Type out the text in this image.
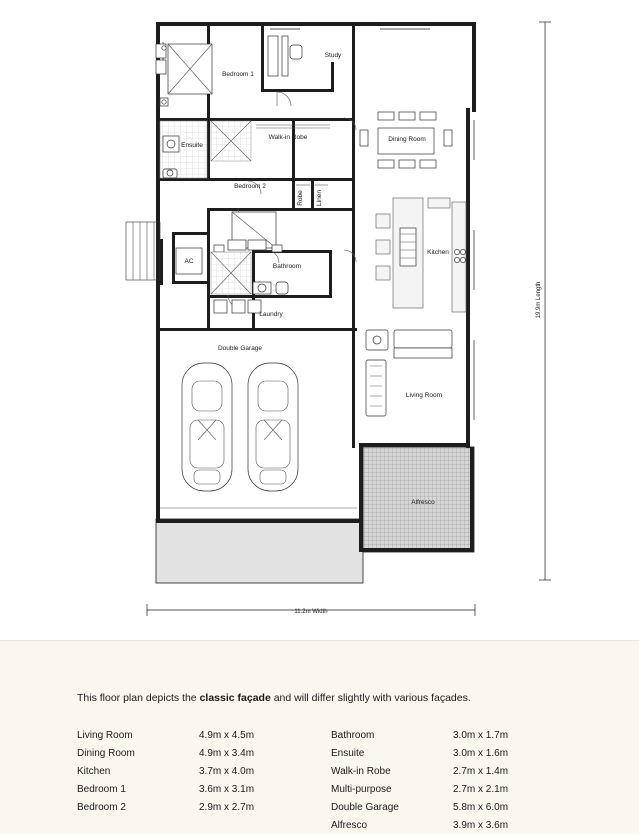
Bedroom 1
Study
Ensuite
Walk-in Robe	Dining Room
Bedroom 2
Robe Linen
Kitchen
AC
Bathroom
Laundry
Double Garage
Living Room
Alfresco
11.2m Width
19.9m Length
This floor plan depicts the classic façade and will differ slightly with various façades.
Living Room	4.9m x 4.5m
Dining Room	4.9m x 3.4m
Kitchen	3.7m x 4.0m
Bedroom 1	3.6m x 3.1m
Bedroom 2	2.9m x 2.7m
Bathroom	3.0m x 1.7m
Ensuite	3.0m x 1.6m
Walk-in Robe	2.7m x 1.4m
Multi-purpose	2.7m x 2.1m
Double Garage	5.8m x 6.0m
Alfresco	3.9m x 3.6m
